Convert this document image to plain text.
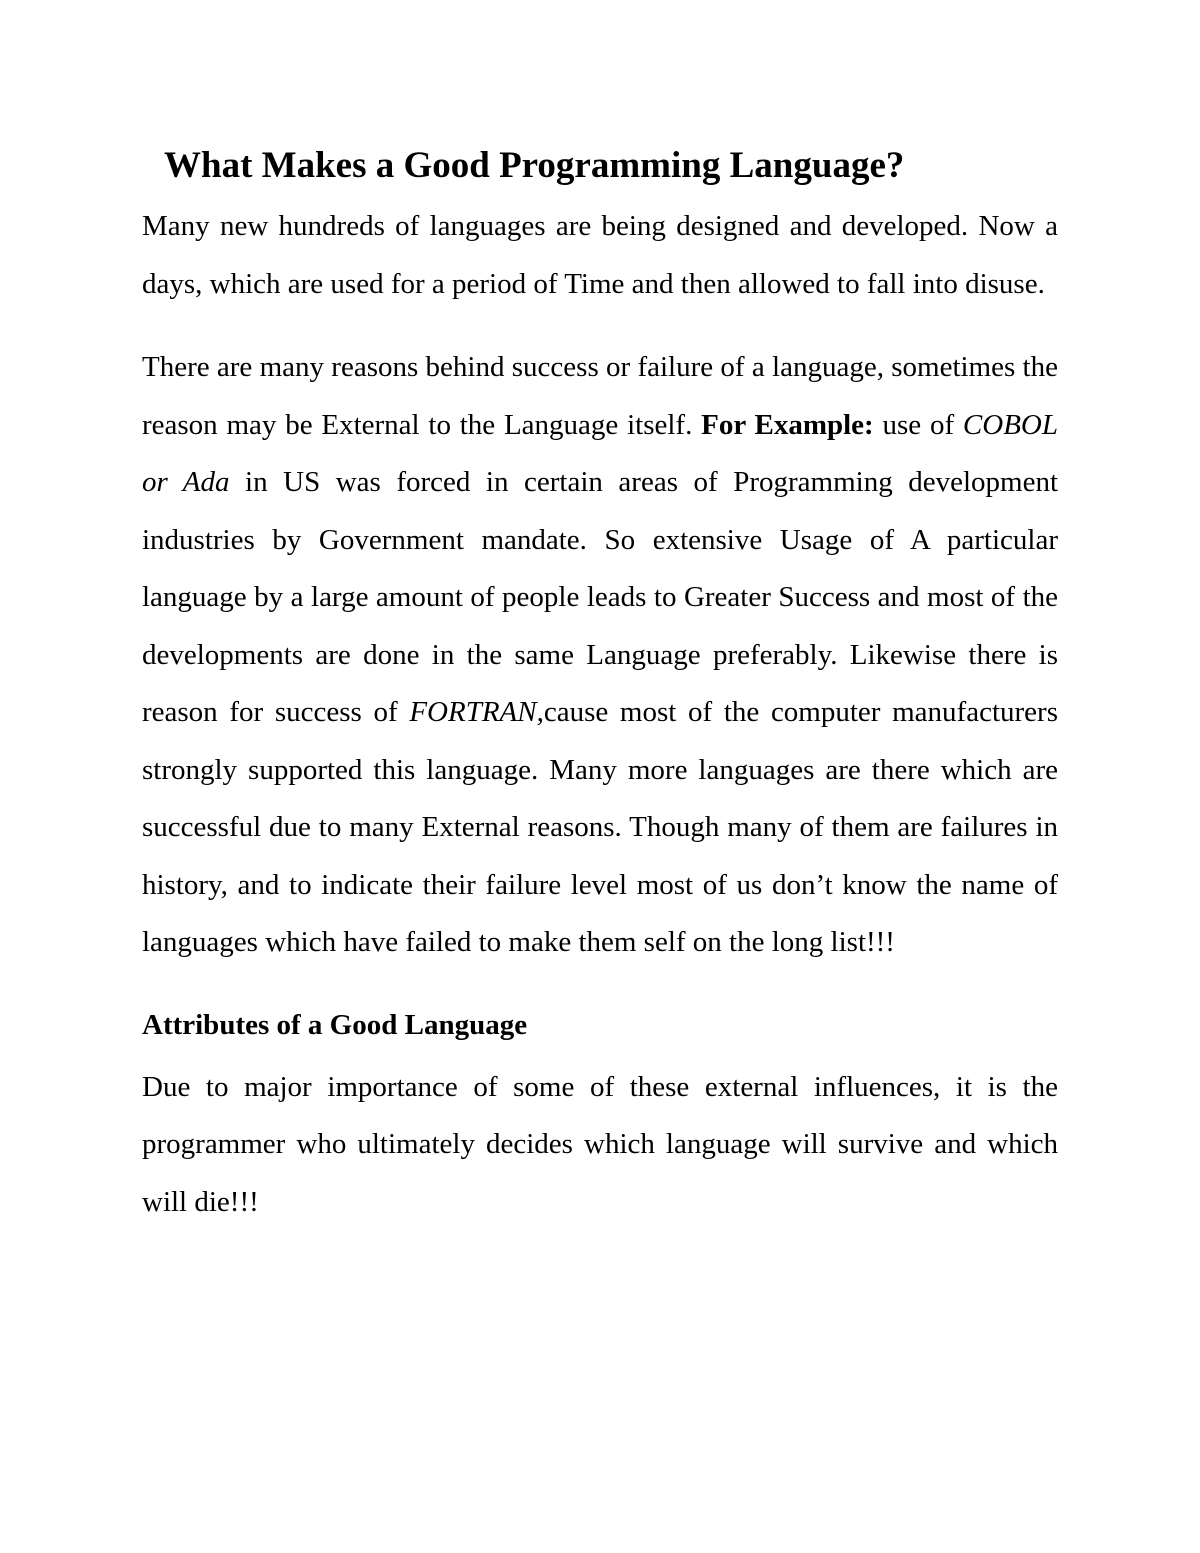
What Makes a Good Programming Language?

Many new hundreds of languages are being designed and developed. Now a days, which are used for a period of Time and then allowed to fall into disuse.

There are many reasons behind success or failure of a language, sometimes the reason may be External to the Language itself. For Example: use of COBOL or Ada in US was forced in certain areas of Programming development industries by Government mandate. So extensive Usage of A particular language by a large amount of people leads to Greater Success and most of the developments are done in the same Language preferably. Likewise there is reason for success of FORTRAN,cause most of the computer manufacturers strongly supported this language. Many more languages are there which are successful due to many External reasons. Though many of them are failures in history, and to indicate their failure level most of us don’t know the name of languages which have failed to make them self on the long list!!!

Attributes of a Good Language

Due to major importance of some of these external influences, it is the programmer who ultimately decides which language will survive and which will die!!!
